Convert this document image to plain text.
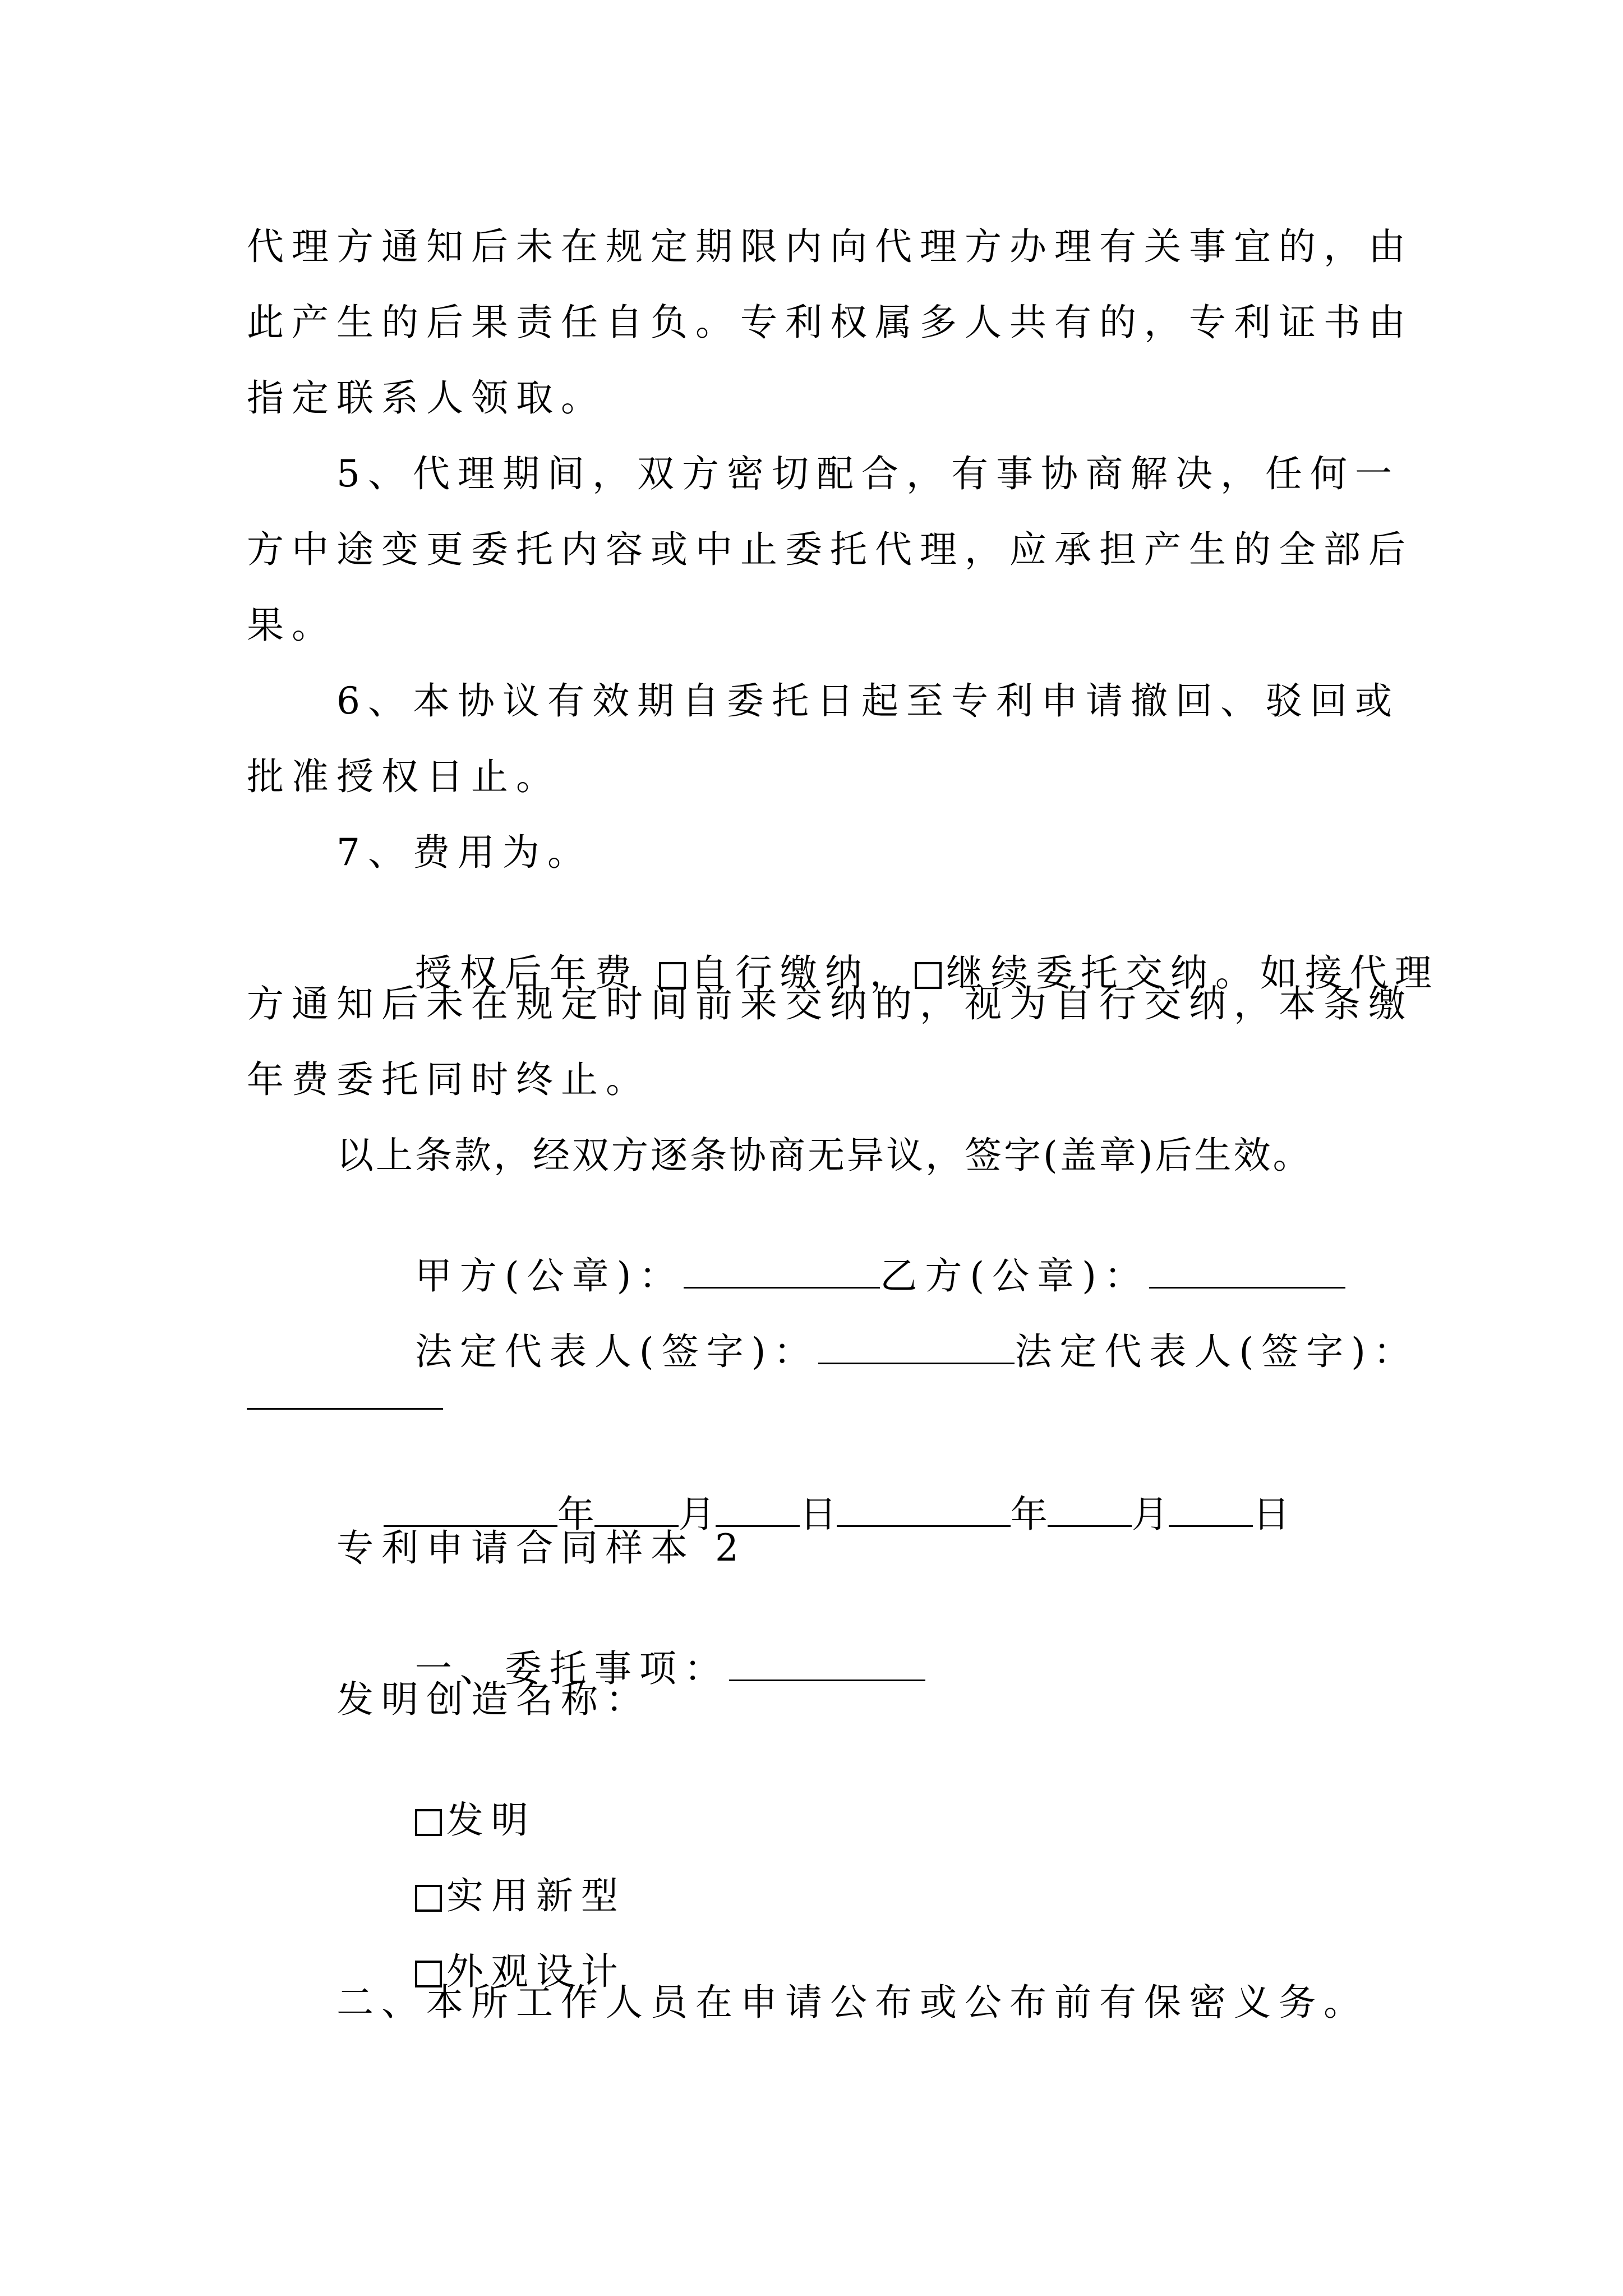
代理方通知后未在规定期限内向代理方办理有关事宜的，由
此产生的后果责任自负。专利权属多人共有的，专利证书由
指定联系人领取。
5、代理期间，双方密切配合，有事协商解决，任何一
方中途变更委托内容或中止委托代理，应承担产生的全部后
果。
6、本协议有效期自委托日起至专利申请撤回、驳回或
批准授权日止。
7、费用为。

授权后年费 自行缴纳， 继续委托交纳。如接代理

方通知后未在规定时间前来交纳的，视为自行交纳，本条缴
年费委托同时终止。
以上条款，经双方逐条协商无异议，签字(盖章)后生效。

甲方(公章)：	乙方(公章)：

法定代表人(签字)：	法定代表人(签字)：

年 月 日	年 月 日

专利申请合同样本 2

一、委托事项：

发明创造名称：

发明

实用新型

外观设计

二、本所工作人员在申请公布或公布前有保密义务。
